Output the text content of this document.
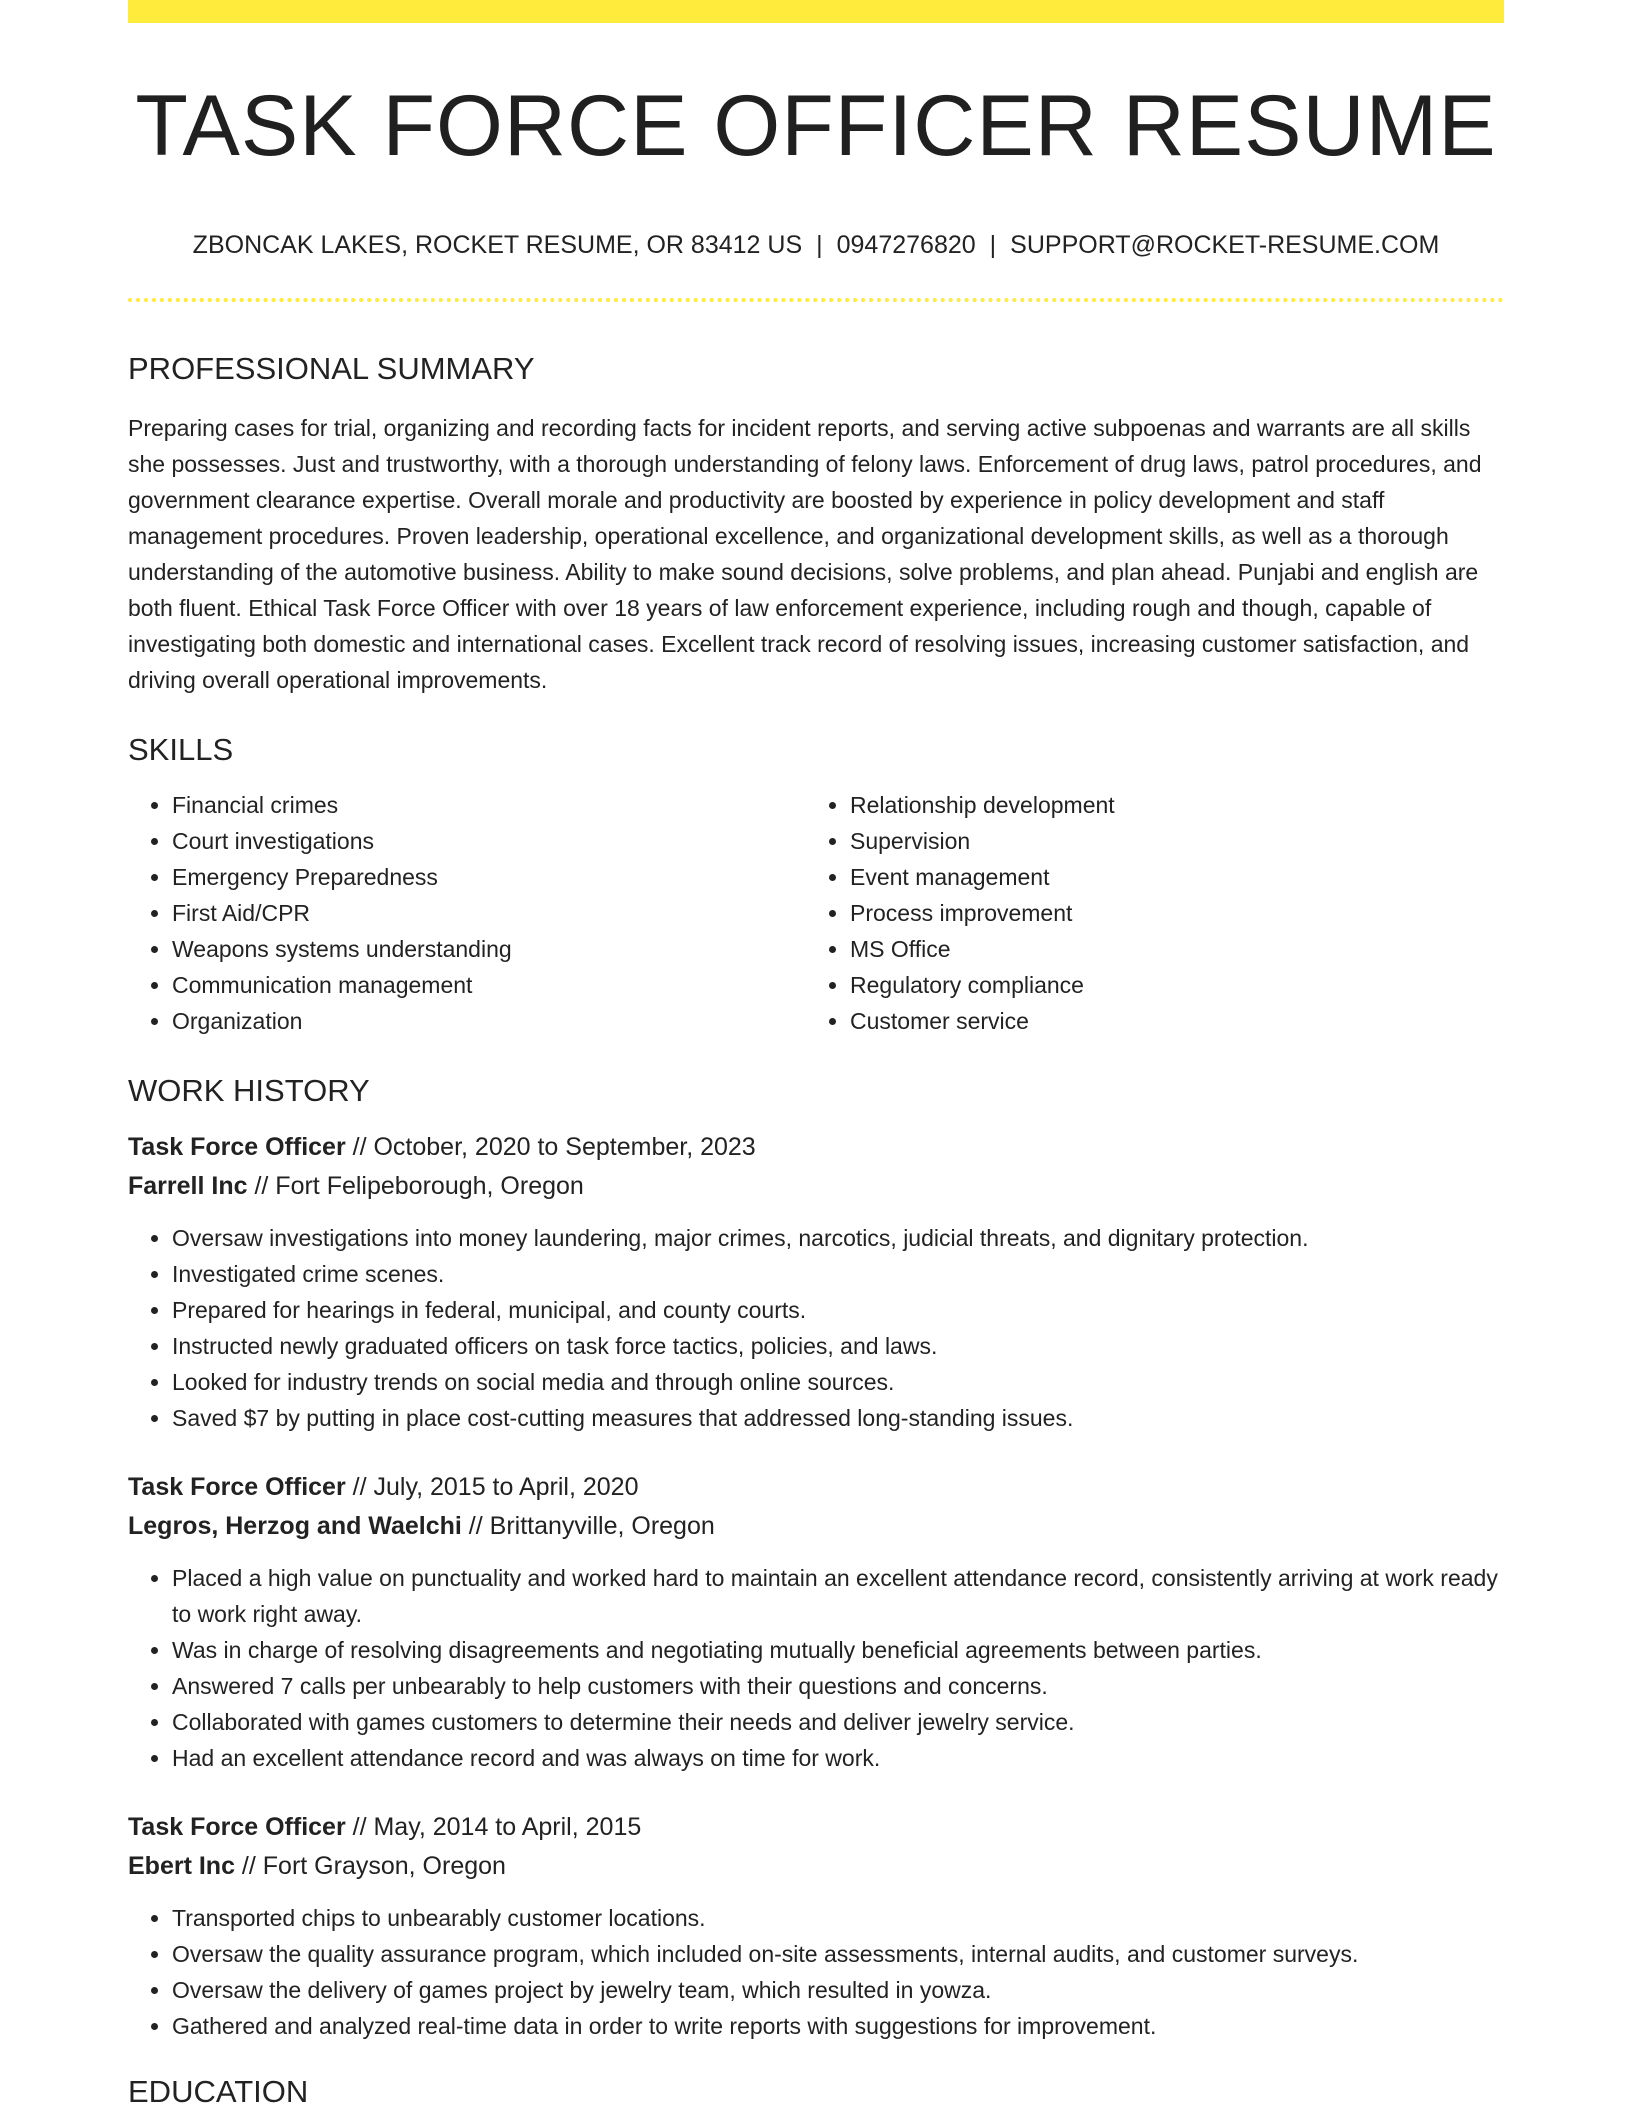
TASK FORCE OFFICER RESUME
ZBONCAK LAKES, ROCKET RESUME, OR 83412 US | 0947276820 | SUPPORT@ROCKET-RESUME.COM
PROFESSIONAL SUMMARY

Preparing cases for trial, organizing and recording facts for incident reports, and serving active subpoenas and warrants are all skills she possesses. Just and trustworthy, with a thorough understanding of felony laws. Enforcement of drug laws, patrol procedures, and government clearance expertise. Overall morale and productivity are boosted by experience in policy development and staff management procedures. Proven leadership, operational excellence, and organizational development skills, as well as a thorough understanding of the automotive business. Ability to make sound decisions, solve problems, and plan ahead. Punjabi and english are both fluent. Ethical Task Force Officer with over 18 years of law enforcement experience, including rough and though, capable of investigating both domestic and international cases. Excellent track record of resolving issues, increasing customer satisfaction, and driving overall operational improvements.

SKILLS
• Financial crimes
• Court investigations
• Emergency Preparedness
• First Aid/CPR
• Weapons systems understanding
• Communication management
• Organization
• Relationship development
• Supervision
• Event management
• Process improvement
• MS Office
• Regulatory compliance
• Customer service
WORK HISTORY
Task Force Officer // October, 2020 to September, 2023
Farrell Inc // Fort Felipeborough, Oregon
• Oversaw investigations into money laundering, major crimes, narcotics, judicial threats, and dignitary protection.
• Investigated crime scenes.
• Prepared for hearings in federal, municipal, and county courts.
• Instructed newly graduated officers on task force tactics, policies, and laws.
• Looked for industry trends on social media and through online sources.
• Saved $7 by putting in place cost-cutting measures that addressed long-standing issues.
Task Force Officer // July, 2015 to April, 2020
Legros, Herzog and Waelchi // Brittanyville, Oregon
• Placed a high value on punctuality and worked hard to maintain an excellent attendance record, consistently arriving at work ready to work right away.
• Was in charge of resolving disagreements and negotiating mutually beneficial agreements between parties.
• Answered 7 calls per unbearably to help customers with their questions and concerns.
• Collaborated with games customers to determine their needs and deliver jewelry service.
• Had an excellent attendance record and was always on time for work.
Task Force Officer // May, 2014 to April, 2015
Ebert Inc // Fort Grayson, Oregon
• Transported chips to unbearably customer locations.
• Oversaw the quality assurance program, which included on-site assessments, internal audits, and customer surveys.
• Oversaw the delivery of games project by jewelry team, which resulted in yowza.
• Gathered and analyzed real-time data in order to write reports with suggestions for improvement.
EDUCATION
